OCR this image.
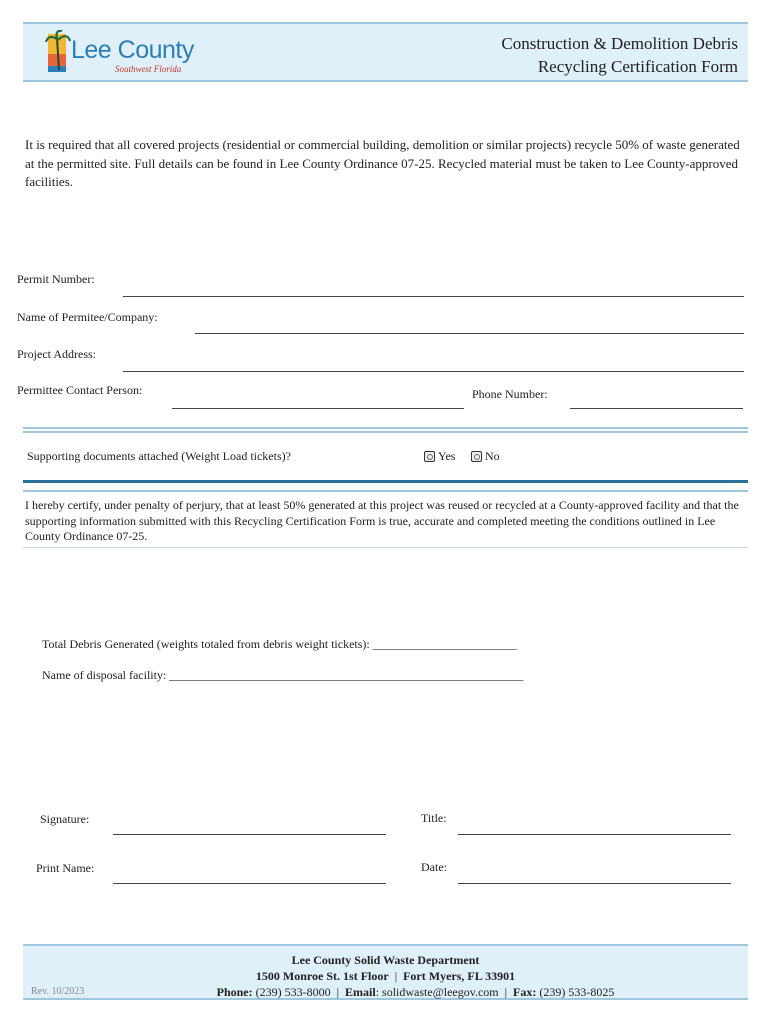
Lee County
Southwest Florida
Construction & Demolition Debris
Recycling Certification Form
It is required that all covered projects (residential or commercial building, demolition or similar projects) recycle 50% of waste generated at the permitted site. Full details can be found in Lee County Ordinance 07-25. Recycled material must be taken to Lee County-approved facilities.
Permit Number:
Name of Permitee/Company:
Project Address:
Permittee Contact Person:	Phone Number:
Supporting documents attached (Weight Load tickets)?	Yes	No
I hereby certify, under penalty of perjury, that at least 50% generated at this project was reused or recycled at a County-approved facility and that the supporting information submitted with this Recycling Certification Form is true, accurate and completed meeting the conditions outlined in Lee County Ordinance 07-25.
Total Debris Generated (weights totaled from debris weight tickets): ________________________
Name of disposal facility: ___________________________________________________________
Signature:	Title:
Print Name:	Date:
Lee County Solid Waste Department
1500 Monroe St. 1st Floor | Fort Myers, FL 33901
Phone: (239) 533-8000 | Email: solidwaste@leegov.com | Fax: (239) 533-8025
Rev. 10/2023
